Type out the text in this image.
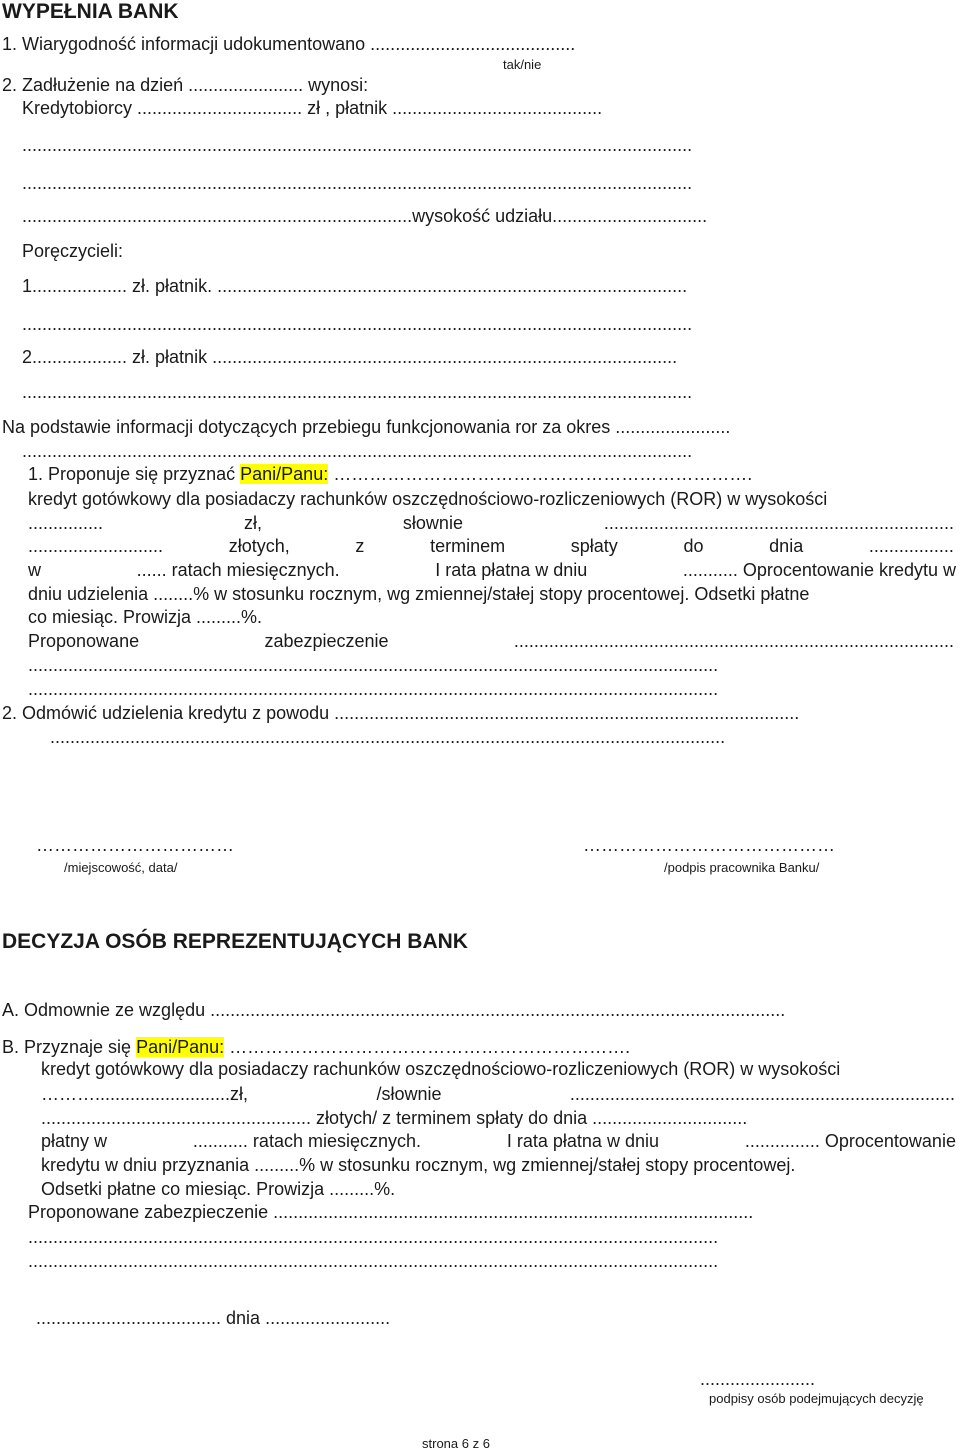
WYPEŁNIA BANK
1. Wiarygodność informacji udokumentowano .........................................
tak/nie
2. Zadłużenie na dzień ....................... wynosi:
Kredytobiorcy ................................. zł , płatnik ..........................................
......................................................................................................................................
......................................................................................................................................
..............................................................................wysokość udziału...............................
Poręczycieli:
1................... zł. płatnik. ..............................................................................................
......................................................................................................................................
2................... zł. płatnik .............................................................................................
......................................................................................................................................
Na podstawie informacji dotyczących przebiegu funkcjonowania ror za okres .......................
......................................................................................................................................
1. Proponuje się przyznać Pani/Panu: …………………………………………………………….
kredyt gotówkowy dla posiadaczy rachunków oszczędnościowo-rozliczeniowych (ROR) w wysokości
...............	zł,	słownie	......................................................................
...........................	złotych,	z	terminem	spłaty	do	dnia	.................
w	...... ratach miesięcznych.	I rata płatna w dniu	........... Oprocentowanie kredytu w
dniu udzielenia ........% w stosunku rocznym, wg zmiennej/stałej stopy procentowej. Odsetki płatne
co miesiąc. Prowizja .........%.
Proponowane	zabezpieczenie	........................................................................................
..........................................................................................................................................
..........................................................................................................................................
2. Odmówić udzielenia kredytu z powodu .............................................................................................
.......................................................................................................................................
……………………………
/miejscowość, data/
……………………………………
/podpis pracownika Banku/
DECYZJA OSÓB REPREZENTUJĄCYCH BANK
A. Odmownie ze względu ...................................................................................................................
B. Przyznaje się Pani/Panu: ………………………………………………………….
kredyt gotówkowy dla posiadaczy rachunków oszczędnościowo-rozliczeniowych (ROR) w wysokości
………...........................zł,	/słownie	.............................................................................
...................................................... złotych/ z terminem spłaty do dnia ...............................
płatny w	........... ratach miesięcznych.	I rata płatna w dniu	............... Oprocentowanie
kredytu w dniu przyznania .........% w stosunku rocznym, wg zmiennej/stałej stopy procentowej.
Odsetki płatne co miesiąc. Prowizja .........%.
Proponowane zabezpieczenie ................................................................................................
..........................................................................................................................................
..........................................................................................................................................
..................................... dnia .........................
.......................
podpisy osób podejmujących decyzję
strona 6 z 6
